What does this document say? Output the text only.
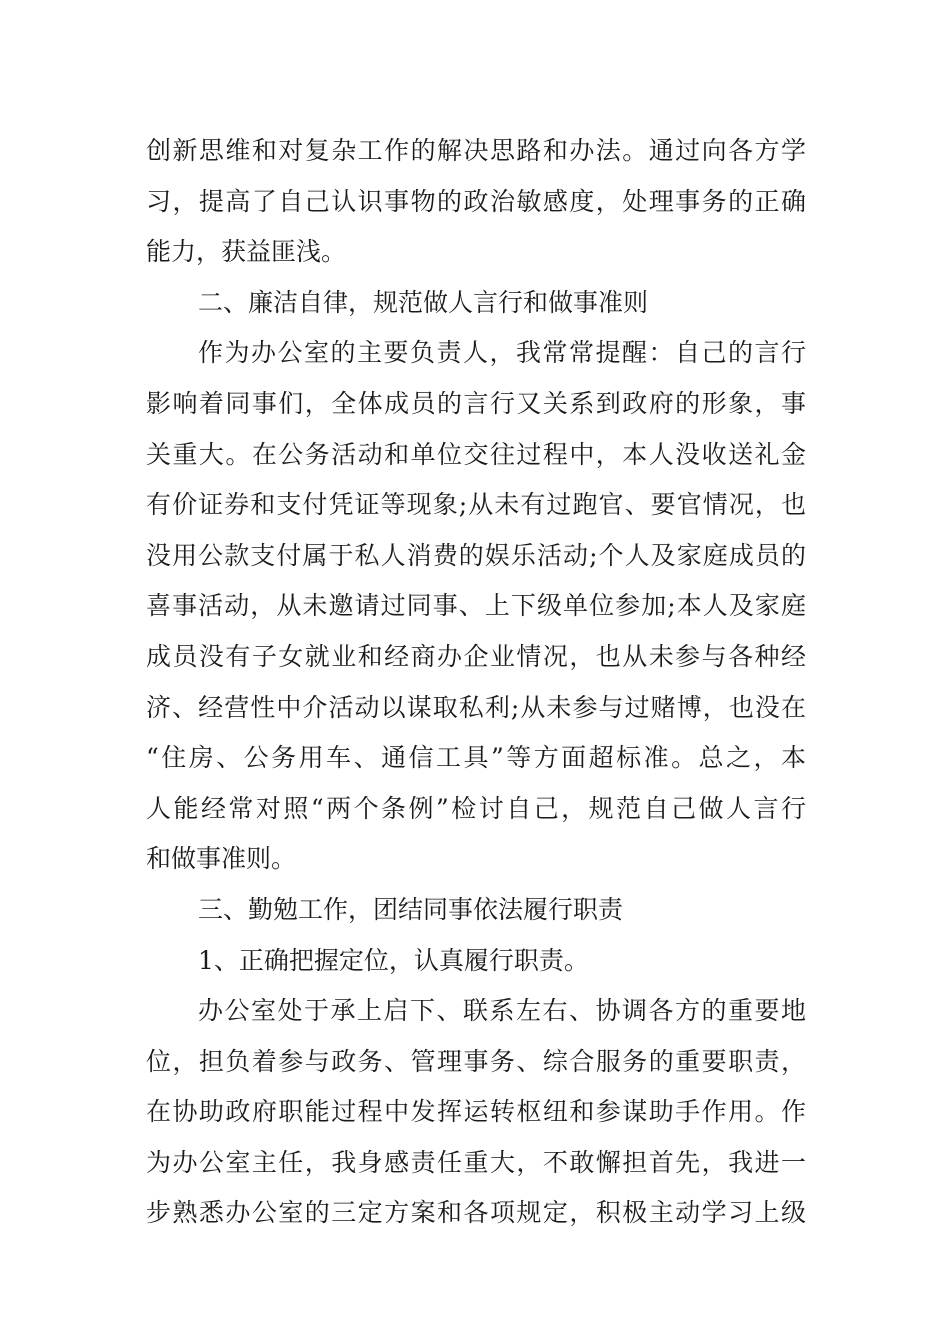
创新思维和对复杂工作的解决思路和办法。通过向各方学
习，提高了自己认识事物的政治敏感度，处理事务的正确
能力，获益匪浅。
二、廉洁自律，规范做人言行和做事准则
作为办公室的主要负责人，我常常提醒：自己的言行
影响着同事们，全体成员的言行又关系到政府的形象，事
关重大。在公务活动和单位交往过程中，本人没收送礼金
有价证券和支付凭证等现象;从未有过跑官、要官情况，也
没用公款支付属于私人消费的娱乐活动;个人及家庭成员的
喜事活动，从未邀请过同事、上下级单位参加;本人及家庭
成员没有子女就业和经商办企业情况，也从未参与各种经
济、经营性中介活动以谋取私利;从未参与过赌博，也没在
“住房、公务用车、通信工具”等方面超标准。总之，本
人能经常对照“两个条例”检讨自己，规范自己做人言行
和做事准则。
三、勤勉工作，团结同事依法履行职责
1、正确把握定位，认真履行职责。
办公室处于承上启下、联系左右、协调各方的重要地
位，担负着参与政务、管理事务、综合服务的重要职责，
在协助政府职能过程中发挥运转枢纽和参谋助手作用。作
为办公室主任，我身感责任重大，不敢懈担首先，我进一
步熟悉办公室的三定方案和各项规定，积极主动学习上级
